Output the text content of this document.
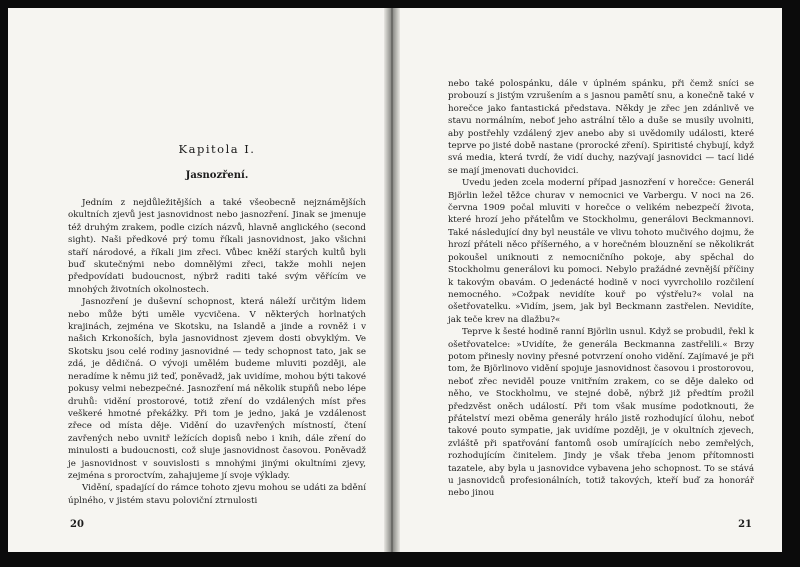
Kapitola I.
Jasnozření.

Jedním z nejdůležitějších a také všeobecně nejznámějších okultních zjevů jest jasnovidnost nebo jasnozření. Jinak se jmenuje též druhým zrakem, podle cizích názvů, hlavně anglického (second sight). Naši předkové prý tomu říkali jasnovidnost, jako všichni staří národové, a říkali jim zřeci. Vůbec kněží starých kultů byli buď skutečnými nebo domnělými zřeci, takže mohli nejen předpovídati budoucnost, nýbrž raditi také svým věřícím ve mnohých životních okolnostech.

Jasnozření je duševní schopnost, která náleží určitým lidem nebo může býti uměle vycvičena. V některých horlnatých krajinách, zejména ve Skotsku, na Islandě a jinde a rovněž i v našich Krkonoších, byla jasnovidnost zjevem dosti obvyklým. Ve Skotsku jsou celé rodiny jasnovidné — tedy schopnost tato, jak se zdá, je dědičná. O vývoji umělém budeme mluviti později, ale neradíme k němu již teď, poněvadž, jak uvidíme, mohou býti takové pokusy velmi nebezpečné. Jasnozření má několik stupňů nebo lépe druhů: vidění prostorové, totiž zření do vzdálených míst přes veškeré hmotné překážky. Při tom je jedno, jaká je vzdálenost zřece od místa děje. Vidění do uzavřených místností, čtení zavřených nebo uvnitř ležících dopisů nebo i knih, dále zření do minulosti a budoucnosti, což sluje jasnovidnost časovou. Poněvadž je jasnovidnost v souvislosti s mnohými jinými okultními zjevy, zejména s proroctvím, zahajujeme jí svoje výklady.

Vidění, spadající do rámce tohoto zjevu mohou se udáti za bdění úplného, v jistém stavu poloviční ztrnulosti

20

nebo také polospánku, dále v úplném spánku, při čemž sníci se probouzí s jistým vzrušením a s jasnou pamětí snu, a konečně také v horečce jako fantastická představa. Někdy je zřec jen zdánlivě ve stavu normálním, neboť jeho astrální tělo a duše se musily uvolniti, aby postřehly vzdálený zjev anebo aby si uvědomily události, které teprve po jisté době nastane (prorocké zření). Spiritisté chybují, když svá media, která tvrdí, že vidí duchy, nazývají jasnovidci — tací lidé se mají jmenovati duchovidci.

Uvedu jeden zcela moderní případ jasnozření v horečce: Generál Björlin ležel těžce churav v nemocnici ve Varbergu. V noci na 26. června 1909 počal mluviti v horečce o velikém nebezpečí života, které hrozí jeho přátelům ve Stockholmu, generálovi Beckmannovi. Také následující dny byl neustále ve vlivu tohoto mučivého dojmu, že hrozí přáteli něco příšerného, a v horečném blouznění se několikrát pokoušel uniknouti z nemocničního pokoje, aby spěchal do Stockholmu generálovi ku pomoci. Nebylo pražádné zevnější příčiny k takovým obavám. O jedenácté hodině v noci vyvrcholilo rozčilení nemocného. »Cožpak nevidíte kouř po výstřelu?« volal na ošetřovatelku. »Vidím, jsem, jak byl Beckmann zastřelen. Nevidíte, jak teče krev na dlažbu?«

Teprve k šesté hodině ranní Björlin usnul. Když se probudil, řekl k ošetřovatelce: »Uvidíte, že generála Beckmanna zastřelili.« Brzy potom přinesly noviny přesné potvrzení onoho vidění. Zajímavé je při tom, že Björlinovo vidění spojuje jasnovidnost časovou i prostorovou, neboť zřec neviděl pouze vnitřním zrakem, co se děje daleko od něho, ve Stockholmu, ve stejné době, nýbrž již předtím prožil předzvěst oněch událostí. Při tom však musíme podotknouti, že přátelství mezi oběma generály hrálo jistě rozhodující úlohu, neboť takové pouto sympatie, jak uvidíme později, je v okultních zjevech, zvláště při spatřování fantomů osob umírajících nebo zemřelých, rozhodujícím činitelem. Jindy je však třeba jenom přítomnosti tazatele, aby byla u jasnovidce vybavena jeho schopnost. To se stává u jasnovidců profesionálních, totiž takových, kteří buď za honorář nebo jinou

21
